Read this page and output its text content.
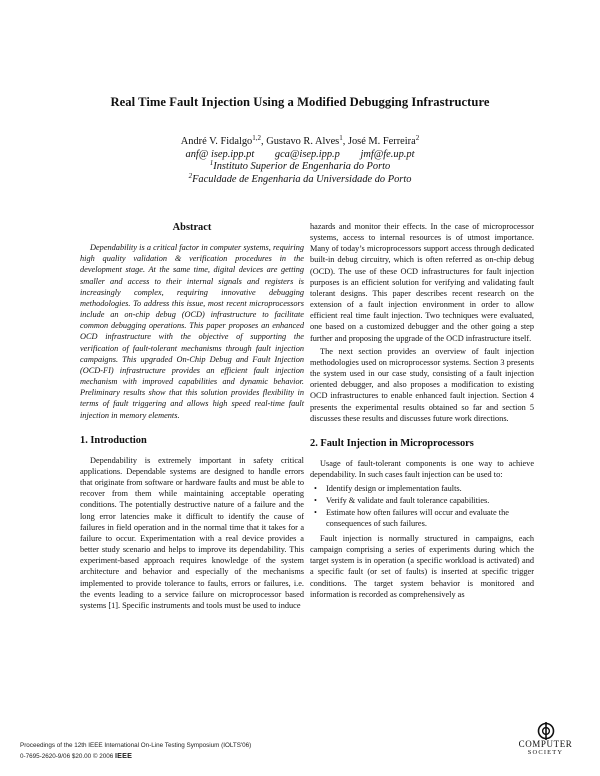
Real Time Fault Injection Using a Modified Debugging Infrastructure
André V. Fidalgo$^{1,2}$, Gustavo R. Alves$^1$, José M. Ferreira$^2$
anf@ isep.ipp.pt gca@isep.ipp.p jmf@fe.up.pt
$^1$Instituto Superior de Engenharia do Porto
$^2$Faculdade de Engenharia da Universidade do Porto
Abstract

Dependability is a critical factor in computer systems, requiring high quality validation & verification procedures in the development stage. At the same time, digital devices are getting smaller and access to their internal signals and registers is increasingly complex, requiring innovative debugging methodologies. To address this issue, most recent microprocessors include an on-chip debug (OCD) infrastructure to facilitate common debugging operations. This paper proposes an enhanced OCD infrastructure with the objective of supporting the verification of fault-tolerant mechanisms through fault injection campaigns. This upgraded On-Chip Debug and Fault Injection (OCD-FI) infrastructure provides an efficient fault injection mechanism with improved capabilities and dynamic behavior. Preliminary results show that this solution provides flexibility in terms of fault triggering and allows high speed real-time fault injection in memory elements.

1. Introduction

Dependability is extremely important in safety critical applications. Dependable systems are designed to handle errors that originate from software or hardware faults and must be able to recover from them while maintaining acceptable operating conditions. The potentially destructive nature of a failure and the long error latencies make it difficult to identify the cause of failures in field operation and in the normal time that it takes for a failure to occur. Experimentation with a real device provides a better study scenario and helps to improve its dependability. This experiment-based approach requires knowledge of the system architecture and behavior and especially of the mechanisms implemented to provide tolerance to faults, errors or failures, i.e. the events leading to a service failure on microprocessor based systems [1]. Specific instruments and tools must be used to induce

hazards and monitor their effects. In the case of microprocessor systems, access to internal resources is of utmost importance. Many of today’s microprocessors support access through dedicated built-in debug circuitry, which is often referred as on-chip debug (OCD). The use of these OCD infrastructures for fault injection purposes is an efficient solution for verifying and validating fault tolerant designs. This paper describes recent research on the extension of a fault injection environment in order to allow efficient real time fault injection. Two techniques were evaluated, one based on a customized debugger and the other going a step further and proposing the upgrade of the OCD infrastructure itself.

The next section provides an overview of fault injection methodologies used on microprocessor systems. Section 3 presents the system used in our case study, consisting of a fault injection oriented debugger, and also proposes a modification to existing OCD infrastructures to enable enhanced fault injection. Section 4 presents the experimental results obtained so far and section 5 discusses these results and discusses future work directions.

2. Fault Injection in Microprocessors

Usage of fault-tolerant components is one way to achieve dependability. In such cases fault injection can be used to:

• Identify design or implementation faults.
• Verify & validate and fault tolerance capabilities.
• Estimate how often failures will occur and evaluate the consequences of such failures.

Fault injection is normally structured in campaigns, each campaign comprising a series of experiments during which the target system is in operation (a specific workload is activated) and a specific fault (or set of faults) is inserted at specific trigger conditions. The target system behavior is monitored and information is recorded as comprehensively as

Proceedings of the 12th IEEE International On-Line Testing Symposium (IOLTS'06)
0-7695-2620-9/06 $20.00 © 2006 IEEE
COMPUTER
SOCIETY
